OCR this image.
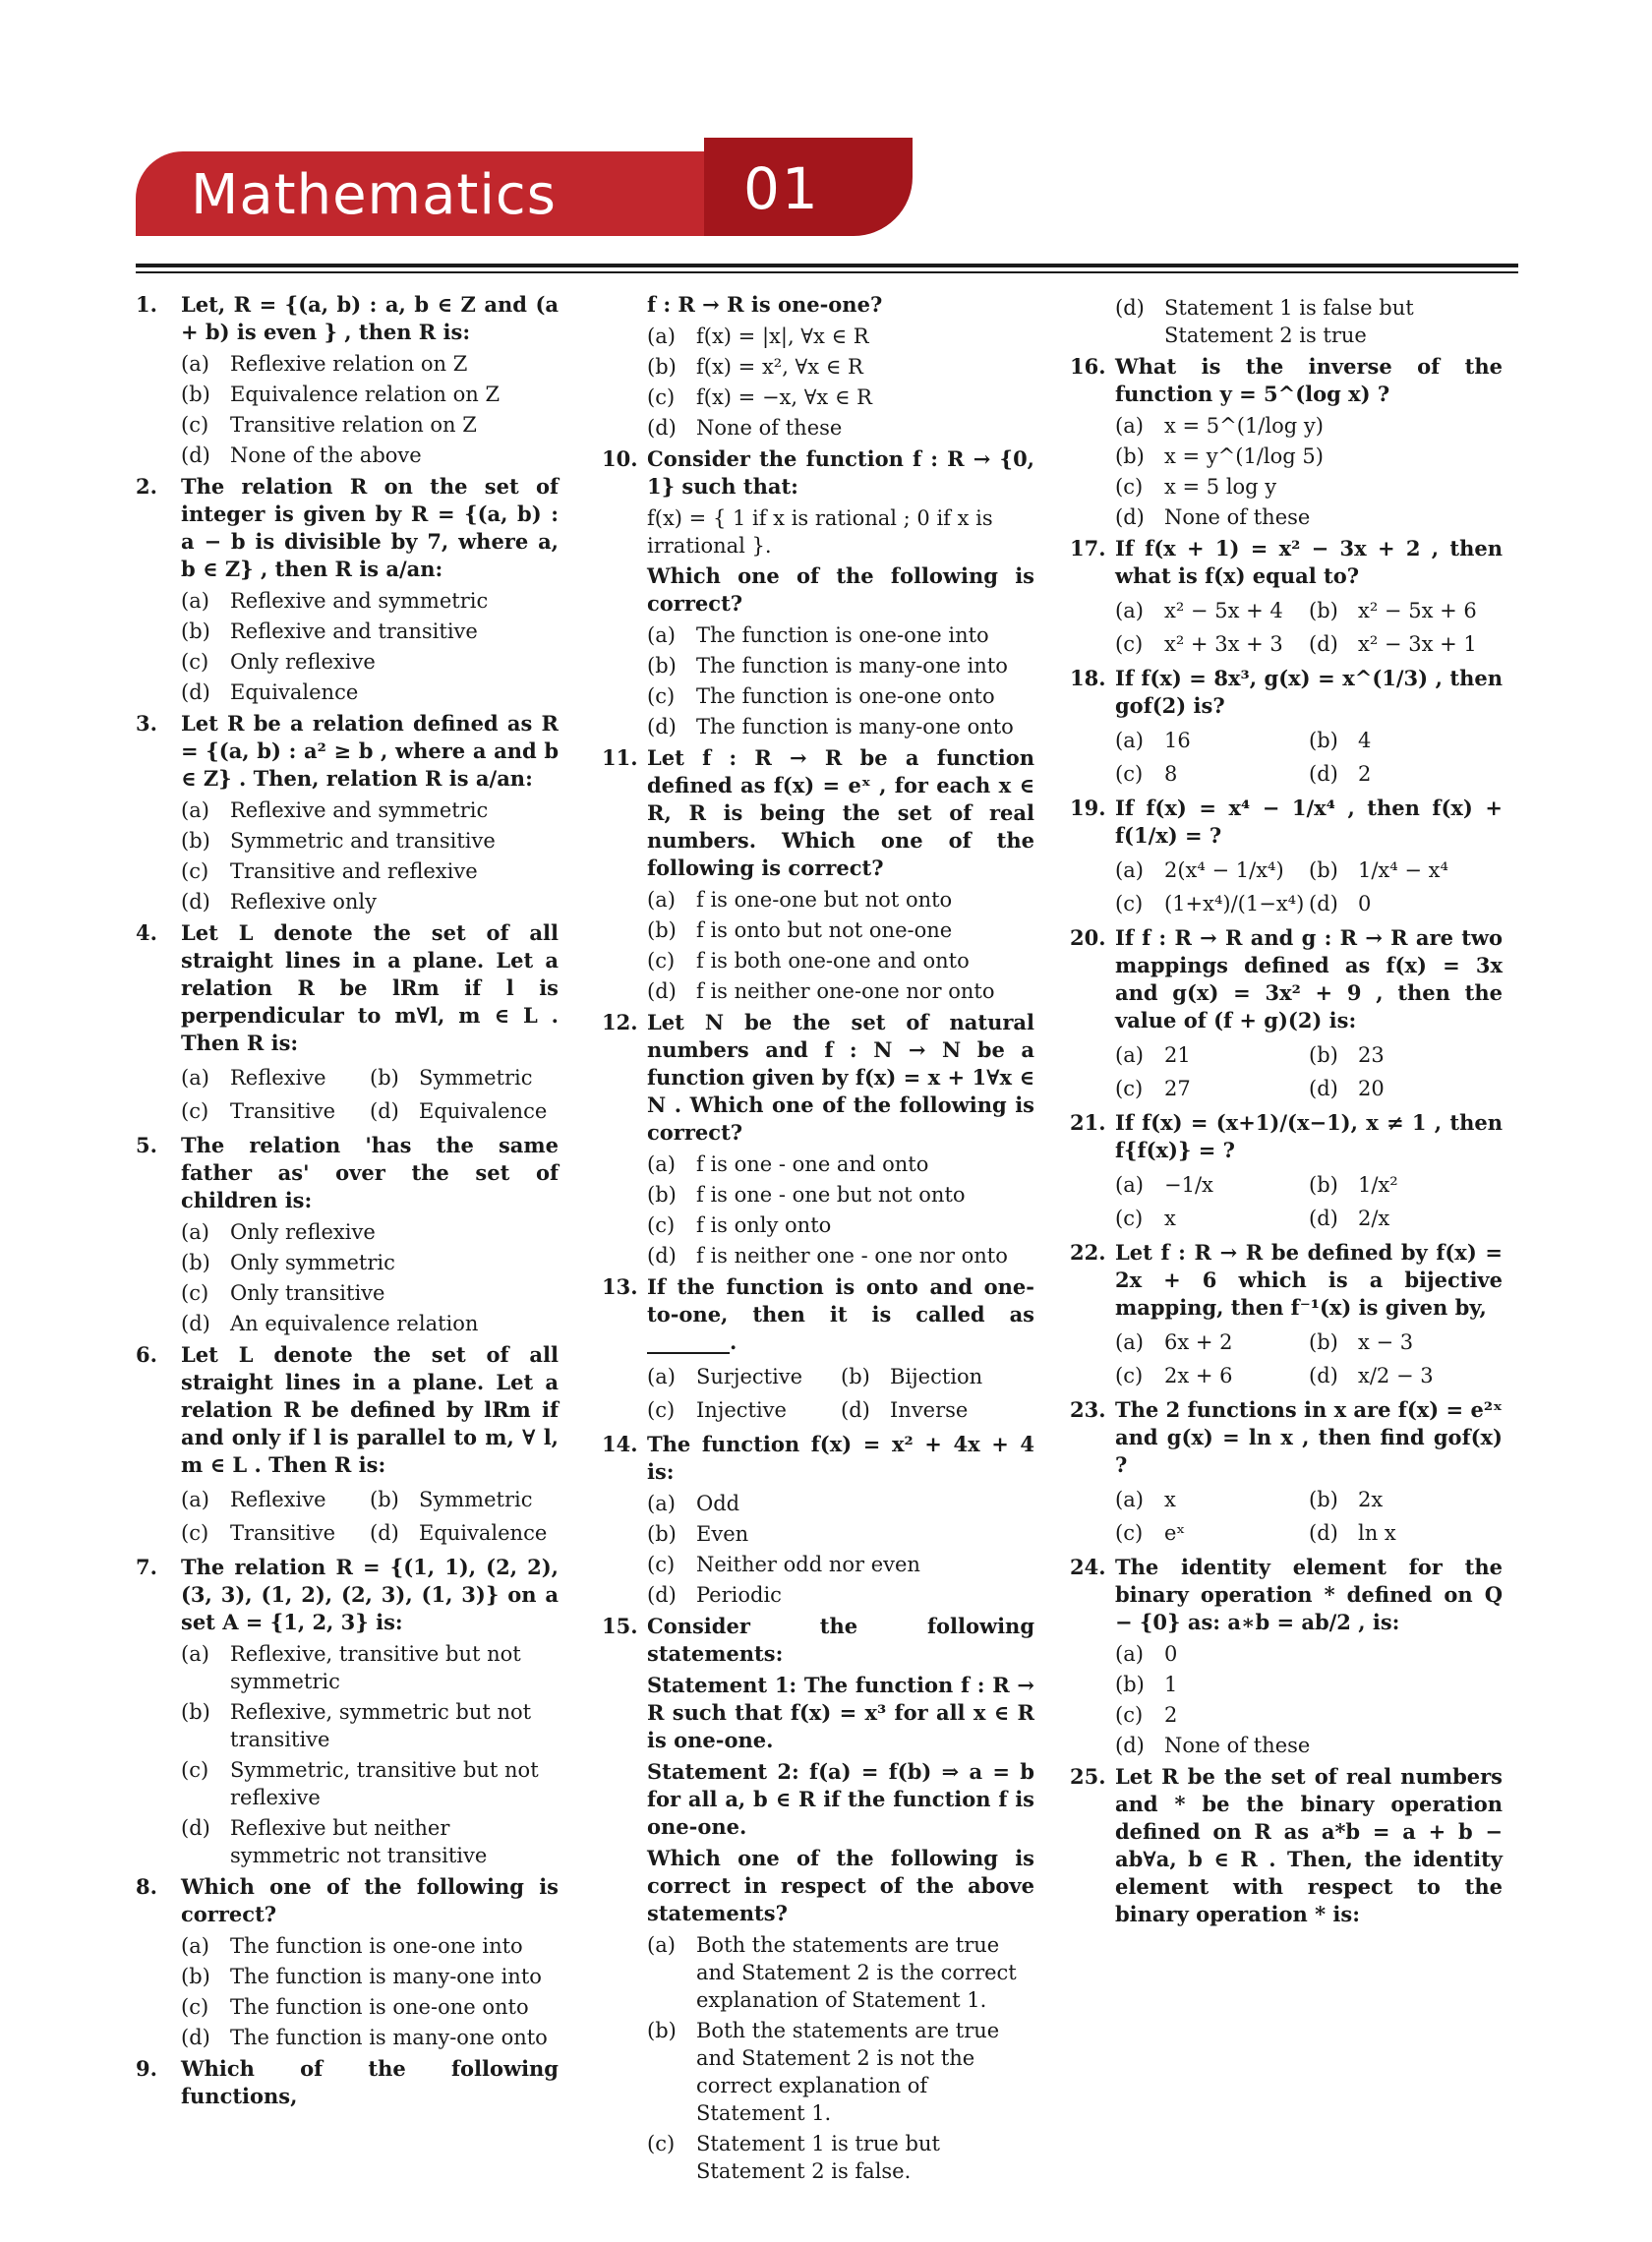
Mathematics	01
1. Let, R = {(a, b) : a, b ∈ Z and (a + b) is even } , then R is:
(a) Reflexive relation on Z
(b) Equivalence relation on Z
(c) Transitive relation on Z
(d) None of the above
2. The relation R on the set of integer is given by R = {(a, b) : a − b is divisible by 7, where a, b ∈ Z} , then R is a/an:
(a) Reflexive and symmetric
(b) Reflexive and transitive
(c) Only reflexive
(d) Equivalence
3. Let R be a relation defined as R = {(a, b) : a² ≥ b , where a and b ∈ Z} . Then, relation R is a/an:
(a) Reflexive and symmetric
(b) Symmetric and transitive
(c) Transitive and reflexive
(d) Reflexive only
4. Let L denote the set of all straight lines in a plane. Let a relation R be lRm if l is perpendicular to m∀l, m ∈ L . Then R is:
(a) Reflexive	(b) Symmetric
(c) Transitive	(d) Equivalence
5. The relation 'has the same father as' over the set of children is:
(a) Only reflexive
(b) Only symmetric
(c) Only transitive
(d) An equivalence relation
6. Let L denote the set of all straight lines in a plane. Let a relation R be defined by lRm if and only if l is parallel to m, ∀ l, m ∈ L . Then R is:
(a) Reflexive	(b) Symmetric
(c) Transitive	(d) Equivalence
7. The relation R = {(1, 1), (2, 2), (3, 3), (1, 2), (2, 3), (1, 3)} on a set A = {1, 2, 3} is:
(a) Reflexive, transitive but not symmetric
(b) Reflexive, symmetric but not transitive
(c) Symmetric, transitive but not reflexive
(d) Reflexive but neither symmetric not transitive
8. Which one of the following is correct?
(a) The function is one-one into
(b) The function is many-one into
(c) The function is one-one onto
(d) The function is many-one onto
9. Which of the following functions,
f : R → R is one-one?
(a) f(x) = |x|, ∀x ∈ R
(b) f(x) = x², ∀x ∈ R
(c) f(x) = −x, ∀x ∈ R
(d) None of these
10. Consider the function f : R → {0, 1} such that:
f(x) = { 1 if x is rational ; 0 if x is irrational }.
Which one of the following is correct?
(a) The function is one-one into
(b) The function is many-one into
(c) The function is one-one onto
(d) The function is many-one onto
11. Let f : R → R be a function defined as f(x) = eˣ , for each x ∈ R, R is being the set of real numbers. Which one of the following is correct?
(a) f is one-one but not onto
(b) f is onto but not one-one
(c) f is both one-one and onto
(d) f is neither one-one nor onto
12. Let N be the set of natural numbers and f : N → N be a function given by f(x) = x + 1∀x ∈ N . Which one of the following is correct?
(a) f is one - one and onto
(b) f is one - one but not onto
(c) f is only onto
(d) f is neither one - one nor onto
13. If the function is onto and one-to-one, then it is called as ________.
(a) Surjective	(b) Bijection
(c) Injective	(d) Inverse
14. The function f(x) = x² + 4x + 4 is:
(a) Odd
(b) Even
(c) Neither odd nor even
(d) Periodic
15. Consider the following statements:
Statement 1: The function f : R → R such that f(x) = x³ for all x ∈ R is one-one.
Statement 2: f(a) = f(b) ⇒ a = b for all a, b ∈ R if the function f is one-one.
Which one of the following is correct in respect of the above statements?
(a) Both the statements are true and Statement 2 is the correct explanation of Statement 1.
(b) Both the statements are true and Statement 2 is not the correct explanation of Statement 1.
(c) Statement 1 is true but Statement 2 is false.
(d) Statement 1 is false but Statement 2 is true
16. What is the inverse of the function y = 5^(log x) ?
(a) x = 5^(1/log y)
(b) x = y^(1/log 5)
(c) x = 5 log y
(d) None of these
17. If f(x + 1) = x² − 3x + 2 , then what is f(x) equal to?
(a) x² − 5x + 4	(b) x² − 5x + 6
(c) x² + 3x + 3	(d) x² − 3x + 1
18. If f(x) = 8x³, g(x) = x^(1/3) , then gof(2) is?
(a) 16	(b) 4
(c) 8	(d) 2
19. If f(x) = x⁴ − 1/x⁴ , then f(x) + f(1/x) = ?
(a) 2(x⁴ − 1/x⁴)	(b) 1/x⁴ − x⁴
(c) (1+x⁴)/(1−x⁴) (d) 0
20. If f : R → R and g : R → R are two mappings defined as f(x) = 3x and g(x) = 3x² + 9 , then the value of (f + g)(2) is:
(a) 21	(b) 23
(c) 27	(d) 20
21. If f(x) = (x+1)/(x−1), x ≠ 1 , then f{f(x)} = ?
(a) −1/x	(b) 1/x²
(c) x	(d) 2/x
22. Let f : R → R be defined by f(x) = 2x + 6 which is a bijective mapping, then f⁻¹(x) is given by,
(a) 6x + 2	(b) x − 3
(c) 2x + 6	(d) x/2 − 3
23. The 2 functions in x are f(x) = e²ˣ and g(x) = ln x , then find gof(x) ?
(a) x	(b) 2x
(c) eˣ	(d) ln x
24. The identity element for the binary operation * defined on Q − {0} as: a∗b = ab/2 , is:
(a) 0
(b) 1
(c) 2
(d) None of these
25. Let R be the set of real numbers and * be the binary operation defined on R as a*b = a + b − ab∀a, b ∈ R . Then, the identity element with respect to the binary operation * is:
